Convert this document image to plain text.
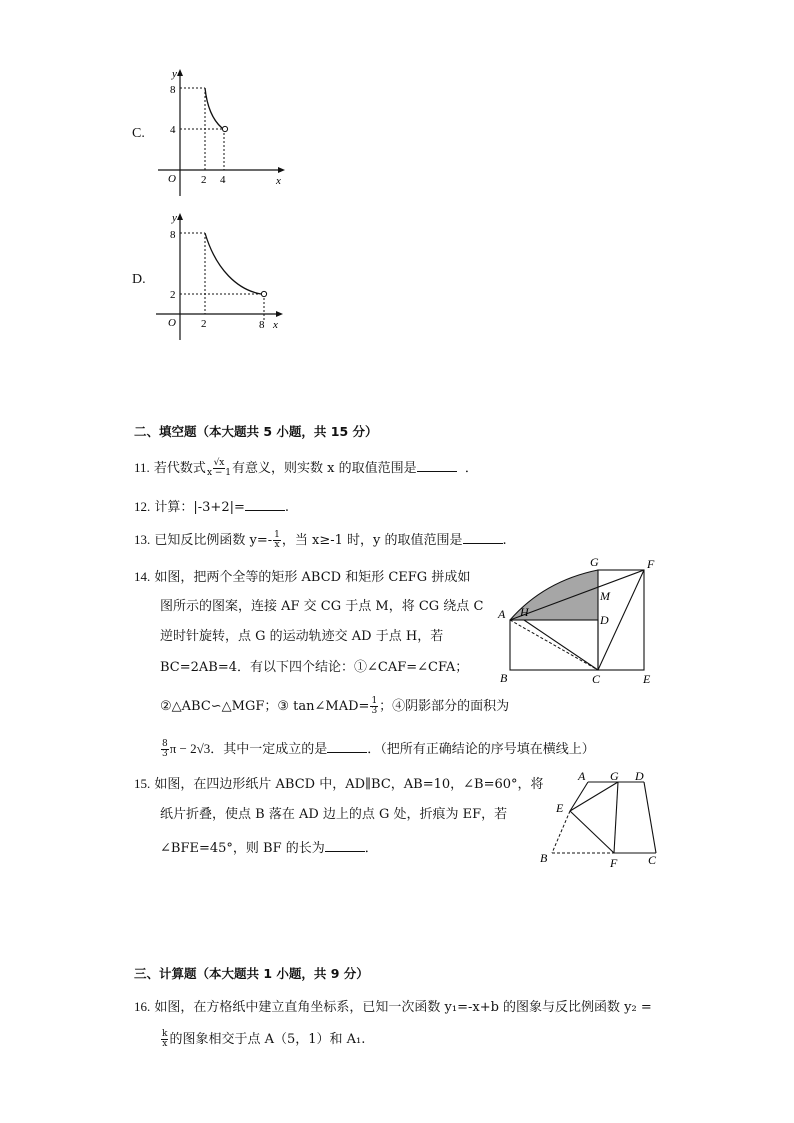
C.
y
x
O
8
4
2 4
D.
y
x
O
8
2
2	8
二、填空题（本大题共 5 小题，共 15 分）
11. 若代数式 $\frac{√x}{x - 1}$ 有意义，则实数 x 的取值范围是	．
12. 计算：|-3+2|=	.
13. 已知反比例函数 $y=- \frac{1}{x}$ ，当 x≥-1 时，y 的取值范围是	.
14. 如图，把两个全等的矩形 ABCD 和矩形 CEFG 拼成如
图所示的图案，连接 AF 交 CG 于点 M，将 CG 绕点 C
逆时针旋转，点 G 的运动轨迹交 AD 于点 H，若
BC=2AB=4．有以下四个结论：①∠CAF=∠CFA；
②△ABC∽△MGF；③ tan∠MAD= $\frac{1}{3}$ ；④阴影部分的面积为
$\frac{8}{3}$ π − 2√3．其中一定成立的是	．（把所有正确结论的序号填在横线上）
A H
G	F
M
D
B	C	E
15. 如图，在四边形纸片 ABCD 中，AD∥BC，AB=10，∠B=60°，将
纸片折叠，使点 B 落在 AD 边上的点 G 处，折痕为 EF，若
∠BFE=45°，则 BF 的长为	．
A G D
E
B	F	C
三、计算题（本大题共 1 小题，共 9 分）
16. 如图，在方格纸中建立直角坐标系，已知一次函数 y₁=-x+b 的图象与反比例函数 y₂ =
$\frac{k}{x}$ 的图象相交于点 A（5，1）和 A₁.
